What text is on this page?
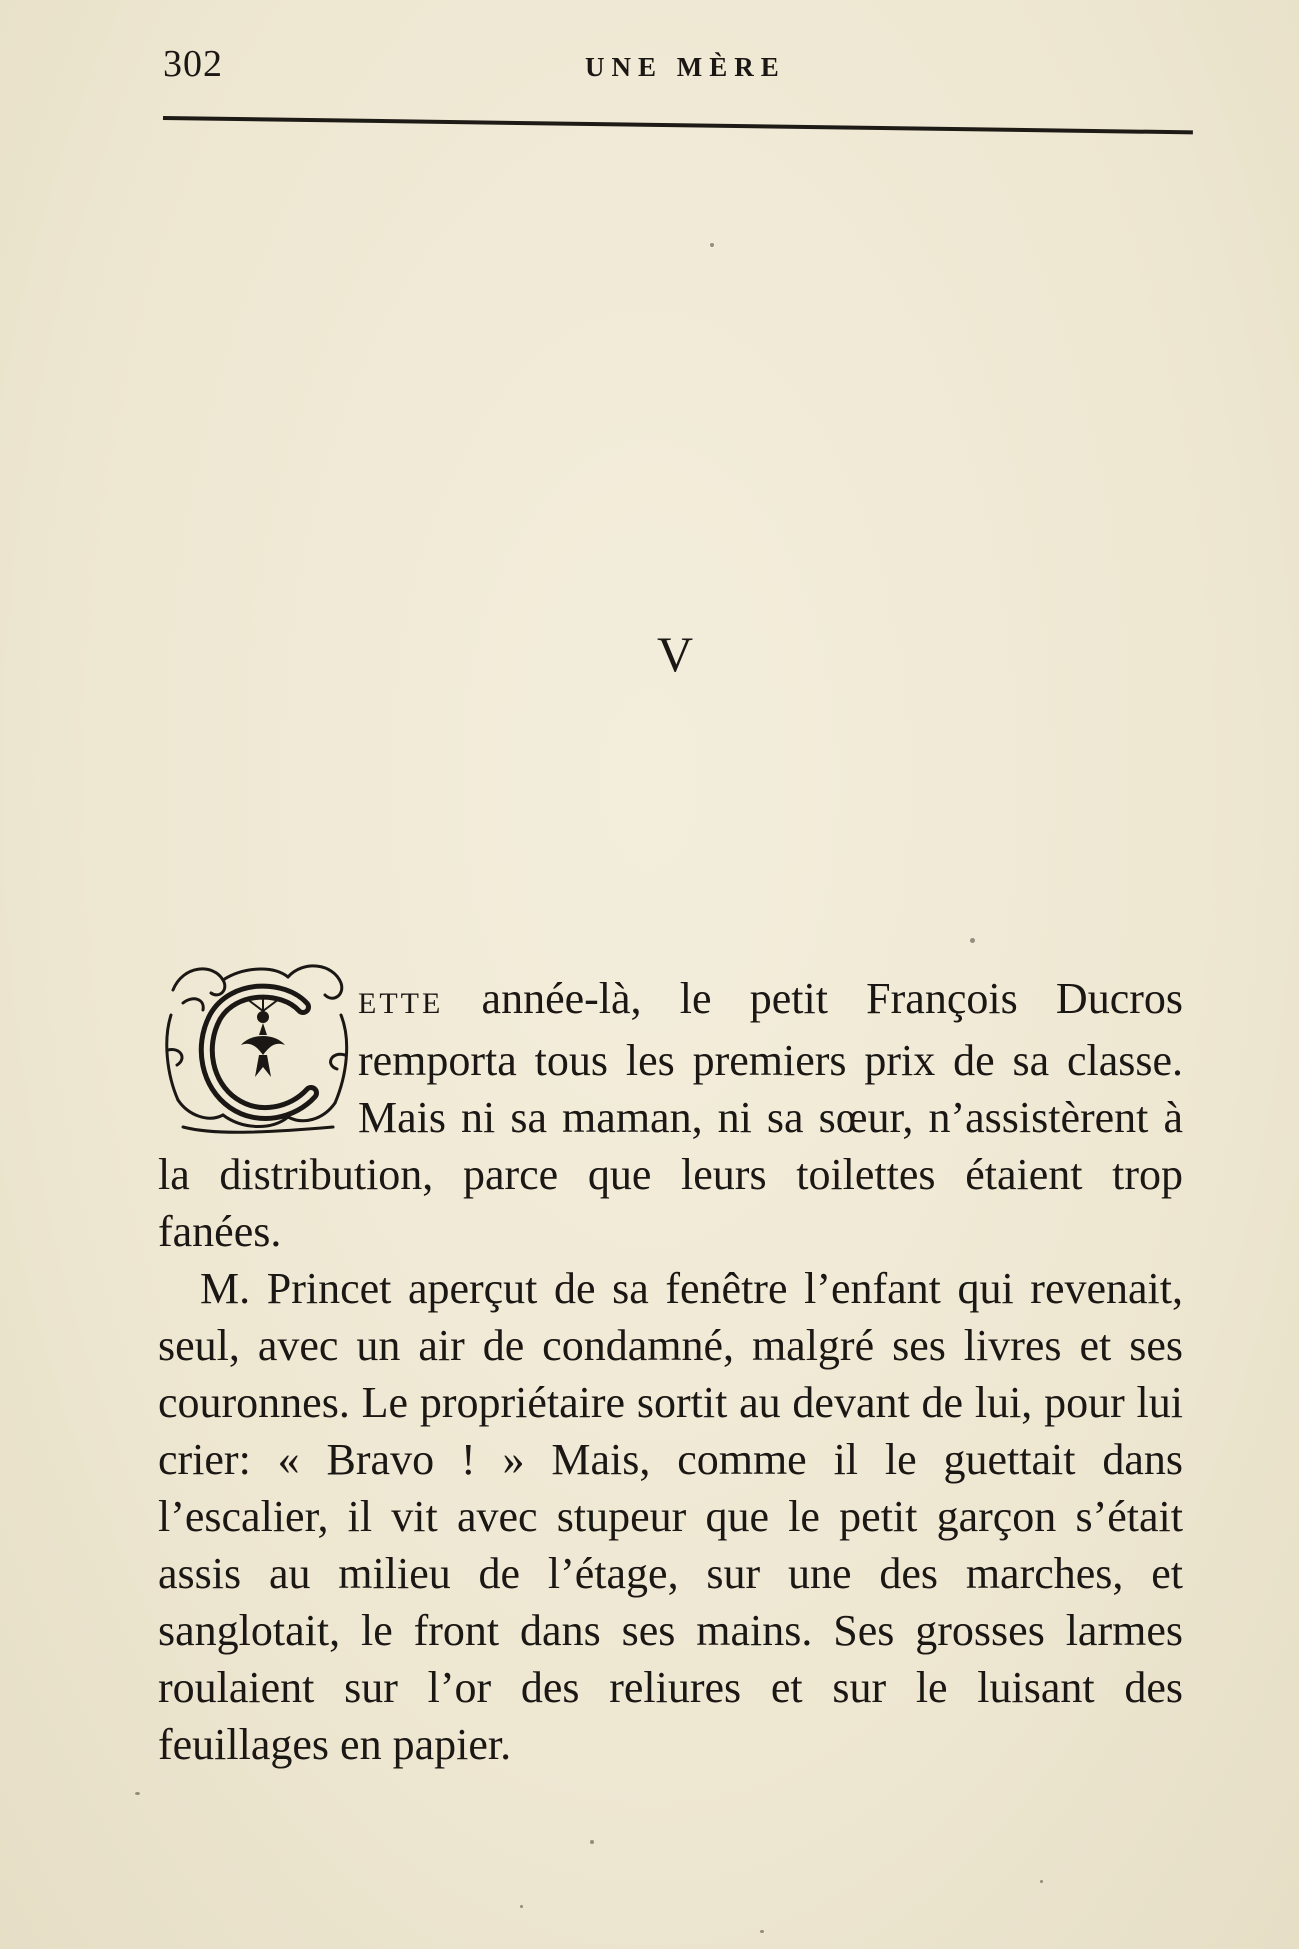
302	UNE MÈRE
V

ETTE année-là, le petit François Ducros remporta tous les premiers prix de sa classe. Mais ni sa maman, ni sa sœur, n’assistèrent à la distribution, parce que leurs toilettes étaient trop fanées.

M. Princet aperçut de sa fenêtre l’enfant qui revenait, seul, avec un air de condamné, malgré ses livres et ses couronnes. Le propriétaire sortit au devant de lui, pour lui crier: « Bravo ! » Mais, comme il le guettait dans l’escalier, il vit avec stupeur que le petit garçon s’était assis au milieu de l’étage, sur une des marches, et sanglotait, le front dans ses mains. Ses grosses larmes roulaient sur l’or des reliures et sur le luisant des feuillages en papier.
